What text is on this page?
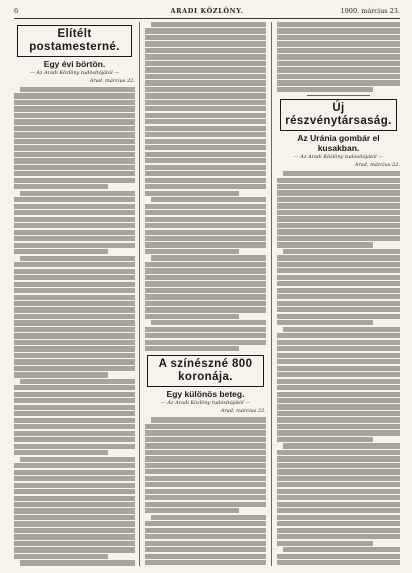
6	ARADI KÖZLÖNY.	1900. március 23.
Elítélt postamesterné.
Egy évi börtön.
— Az Aradi Közlöny tudósítójától —
Arad, március 22.
A színészné 800 koronája.
Egy különös beteg.
— Az Aradi Közlöny tudósítójától —
Arad, március 22.
Új részvénytársaság.
Az Uránia gombár el kusakban.
— Az Aradi Közlöny tudósítójától —
Arad, március 22.
